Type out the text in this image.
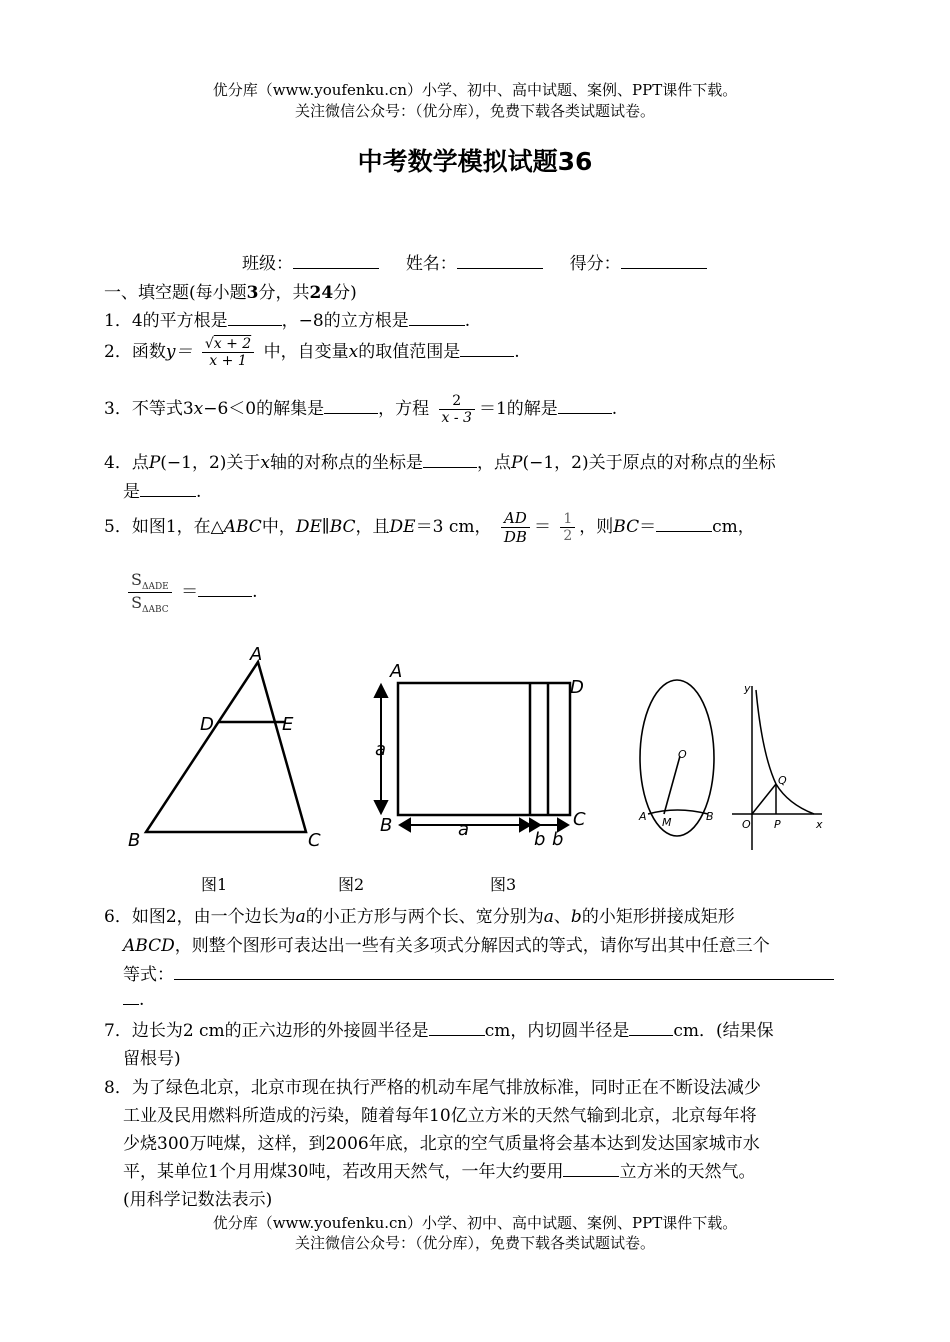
优分库（www.youfenku.cn）小学、初中、高中试题、案例、PPT课件下载。
关注微信公众号：（优分库），免费下载各类试题试卷。
中考数学模拟试题36
班级：	姓名：	得分：
一、填空题(每小题3分，共24分)
1．4的平方根是	，−8的立方根是	.
2．函数$y= \frac{√x + 2}{x + 1}$ 中，自变量x的取值范围是	.
3．不等式3x−6＜0的解集是	，方程 $\frac{2}{x - 3} =1$的解是	.
4．点P(−1，2)关于x轴的对称点的坐标是	，点P(−1，2)关于原点的对称点的坐标
是	.
5．如图1，在△ABC中，DE∥BC，且DE＝3 cm， $\frac{AD}{DB} = \frac{1}{2}$ ，则BC＝	cm，
$\frac{S_{\Delta ADE}}{S_{\Delta ABC}}$ ＝	.
A
D	E
B	C
A
D
B	C
a
a	b b
O
A M	B
y
Q
O P	x
图1	图2	图3
6．如图2，由一个边长为a的小正方形与两个长、宽分别为a、b的小矩形拼接成矩形
ABCD，则整个图形可表达出一些有关多项式分解因式的等式，请你写出其中任意三个
等式：
.
7．边长为2 cm的正六边形的外接圆半径是	cm，内切圆半径是	cm．(结果保
留根号)
8．为了绿色北京，北京市现在执行严格的机动车尾气排放标准，同时正在不断设法减少
工业及民用燃料所造成的污染，随着每年10亿立方米的天然气输到北京，北京每年将
少烧300万吨煤，这样，到2006年底，北京的空气质量将会基本达到发达国家城市水
平，某单位1个月用煤30吨，若改用天然气，一年大约要用	立方米的天然气。
(用科学记数法表示)
优分库（www.youfenku.cn）小学、初中、高中试题、案例、PPT课件下载。
关注微信公众号：（优分库），免费下载各类试题试卷。
